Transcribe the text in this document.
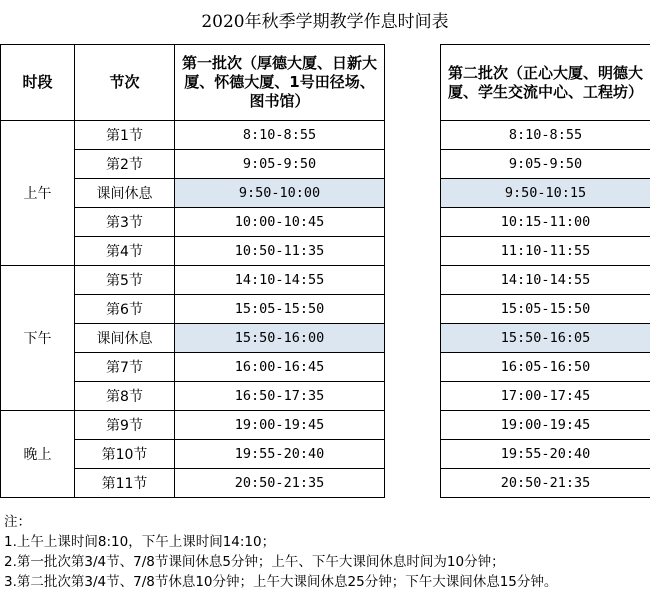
2020年秋季学期教学作息时间表
时段	节次	第一批次（厚德大厦、日新大厦、怀德大厦、1号田径场、图书馆）		第二批次（正心大厦、明德大厦、学生交流中心、工程坊）
上午	第1节	8:10-8:55		8:10-8:55
	第2节	9:05-9:50		9:05-9:50
	课间休息	9:50-10:00		9:50-10:15
	第3节	10:00-10:45		10:15-11:00
	第4节	10:50-11:35		11:10-11:55
下午	第5节	14:10-14:55		14:10-14:55
	第6节	15:05-15:50		15:05-15:50
	课间休息	15:50-16:00		15:50-16:05
	第7节	16:00-16:45		16:05-16:50
	第8节	16:50-17:35		17:00-17:45
晚上	第9节	19:00-19:45		19:00-19:45
	第10节	19:55-20:40		19:55-20:40
	第11节	20:50-21:35		20:50-21:35
注：
1.上午上课时间8:10，下午上课时间14:10；
2.第一批次第3/4节、7/8节课间休息5分钟；上午、下午大课间休息时间为10分钟；
3.第二批次第3/4节、7/8节休息10分钟；上午大课间休息25分钟；下午大课间休息15分钟。
